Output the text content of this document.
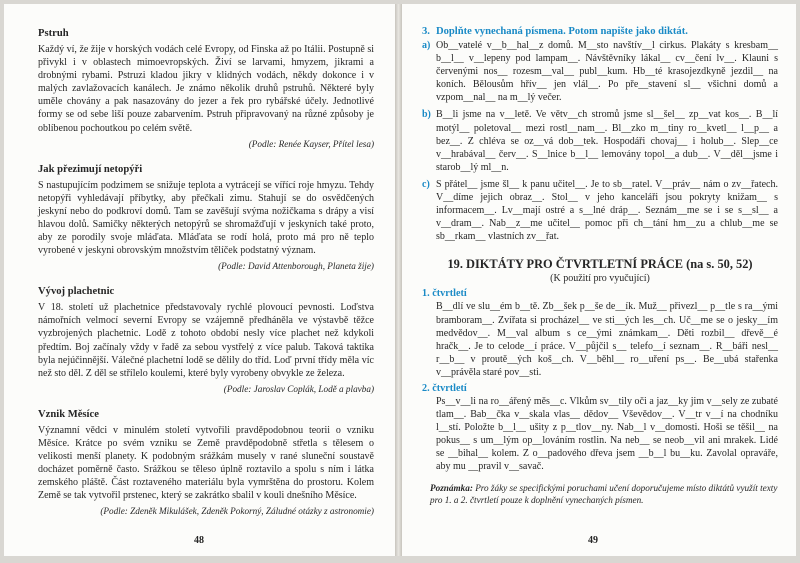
Pstruh

Každý ví, že žije v horských vodách celé Evropy, od Finska až po Itálii. Postupně si přivykl i v oblastech mimoevropských. Živí se larvami, hmyzem, jikrami a drobnými rybami. Pstruzi kladou jikry v klidných vodách, někdy dokonce i v malých zavlažovacích kanálech. Je známo několik druhů pstruhů. Některé byly uměle chovány a pak nasazovány do jezer a řek pro rybářské účely. Jednotlivé formy se od sebe liší pouze zabarvením. Pstruh připravovaný na různé způsoby je oblíbenou pochoutkou po celém světě.

(Podle: Renée Kayser, Přítel lesa)

Jak přezimují netopýři

S nastupujícím podzimem se snižuje teplota a vytrácejí se vířící roje hmyzu. Tehdy netopýři vyhledávají příbytky, aby přečkali zimu. Stahují se do osvědčených jeskyní nebo do podkroví domů. Tam se zavěšují svýma nožičkama s drápy a visí hlavou dolů. Samičky některých netopýrů se shromažďují v jeskyních také proto, aby ze porodily svoje mláďata. Mláďata se rodí holá, proto má pro ně teplo vyrobené v jeskyni obrovským množstvím tělíček podstatný význam.

(Podle: David Attenborough, Planeta žije)

Vývoj plachetnic

V 18. století už plachetnice představovaly rychlé plovoucí pevnosti. Loďstva námořních velmocí severní Evropy se vzájemně předháněla ve výstavbě těžce vyzbrojených plachetnic. Lodě z tohoto období nesly více plachet než kdykoli předtím. Boj začínaly vždy v řadě za sebou vystřelý z více palub. Taková taktika byla nejúčinnější. Válečné plachetní lodě se dělily do tříd. Loď první třídy měla víc než sto děl. Z děl se střílelo koulemi, které byly vyrobeny obvykle ze železa.

(Podle: Jaroslav Coplák, Lodě a plavba)

Vznik Měsíce

Významní vědci v minulém století vytvořili pravděpodobnou teorii o vzniku Měsíce. Krátce po svém vzniku se Země pravděpodobně střetla s tělesem o velikosti menší planety. K podobným srážkám musely v rané sluneční soustavě docházet poměrně často. Srážkou se těleso úplně roztavilo a spolu s ním i látka zemského pláště. Část roztaveného materiálu byla vymrštěna do prostoru. Kolem Země se tak vytvořil prstenec, který se zakrátko sbalil v kouli dnešního Měsíce.

(Podle: Zdeněk Mikulášek, Zdeněk Pokorný, Záludné otázky z astronomie)

48
3. Doplňte vynechaná písmena. Potom napište jako diktát.
a) Ob__vatelé v__b__hal__z domů. M__sto navštív__l cirkus. Plakáty s kresbam__ b__l__ v__lepeny pod lampam__. Návštěvníky lákal__ cv__čení lv__. Klauni s červenými nos__ rozesm__val__ publ__kum. Hb__té krasojezdkyně jezdil__ na koních. Bělousům hřív__ jen vlál__. Po pře__stavení sl__ všichni domů a vzpom__nal__ na m__lý večer.
b) B__li jsme na v__letě. Ve větv__ch stromů jsme sl__šel__ zp__vat kos__. B__lí motýl__ poletoval__ mezi rostl__nam__. Bl__zko m__tiny ro__kvetl__ l__p__ a bez__. Z chléva se oz__vá dob__tek. Hospodáři chovaj__ i holub__. Slep__ce v__hrabával__ červ__. S__lnice b__l__ lemovány topol__a dub__. V__děl__jsme i starob__lý ml__n.
c) S přátel__ jsme šl__ k panu učitel__. Je to sb__ratel. V__práv__ nám o zv__řatech. V__díme jejich obraz__. Stol__ v jeho kanceláři jsou pokryty knižam__ s informacem__. Lv__mají ostré a s__lné dráp__. Seznám__me se i se s__sl__ a v__dram__. Nab__z__me učitel__ pomoc při ch__tání hm__zu a chlub__me se sb__rkam__ vlastních zv__řat.
19. DIKTÁTY PRO ČTVRTLETNÍ PRÁCE (na s. 50, 52)
(K použití pro vyučující)
1. čtvrtletí

B__dlí ve slu__ém b__tě. Zb__šek p__še de__ík. Muž__ přivezl__ p__tle s ra__ými bramboram__. Zvířata si procházel__ ve sti__ých les__ch. Uč__me se o jesky__ím medvědov__. M__val album s ce__ými známkam__. Děti rozbil__ dřevě__é hračk__. Je to celode__í práce. V__půjčil s__ telefo__í seznam__. R__báři nesl__ r__b__ v proutě__ých koš__ch. V__běhl__ ro__uření ps__. Be__ubá stařenka v__právěla staré pov__sti.

2. čtvrtletí

Ps__v__li na ro__ářený měs__c. Vlkům sv__tily oči a jaz__ky jim v__sely ze zubaté tlam__. Bab__čka v__skala vlas__ dědov__ Vševědov__. V__tr v__í na chodníku l__stí. Položte b__l__ ušity z p__tlov__ny. Nab__l v__domosti. Hoši se těšil__ na pokus__ s um__lým op__lováním rostlin. Na neb__ se neob__vil ani mrakek. Lidé se __bihal__ kolem. Z o__padového dřeva jsem __b__l bu__ku. Zavolal opraváře, aby mu __pravil v__savač.

Poznámka: Pro žáky se specifickými poruchami učení doporučujeme místo diktátů využít texty pro 1. a 2. čtvrtletí pouze k doplnění vynechaných písmen.

49
